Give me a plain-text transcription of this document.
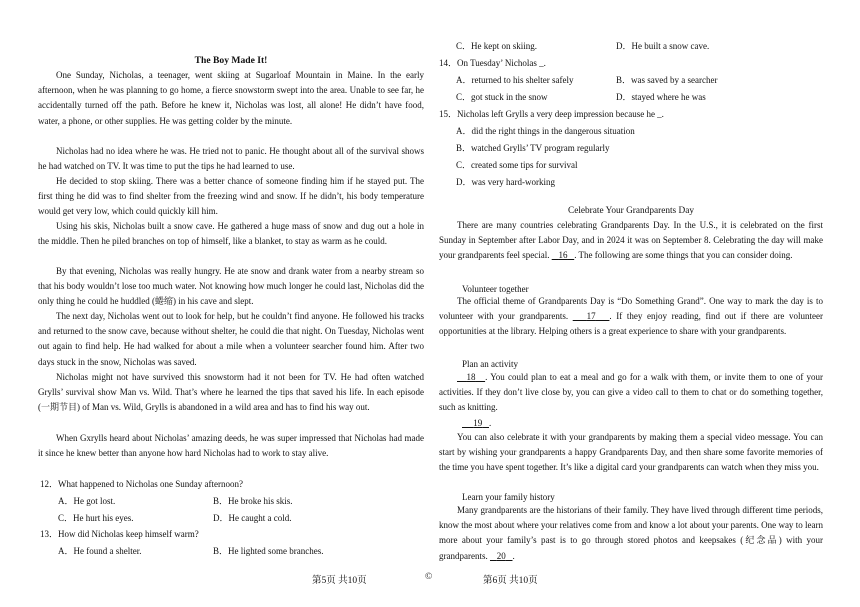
The Boy Made It!

One Sunday, Nicholas, a teenager, went skiing at Sugarloaf Mountain in Maine. In the early afternoon, when he was planning to go home, a fierce snowstorm swept into the area. Unable to see far, he accidentally turned off the path. Before he knew it, Nicholas was lost, all alone! He didn’t have food, water, a phone, or other supplies. He was getting colder by the minute.

Nicholas had no idea where he was. He tried not to panic. He thought about all of the survival shows he had watched on TV. It was time to put the tips he had learned to use.

He decided to stop skiing. There was a better chance of someone finding him if he stayed put. The first thing he did was to find shelter from the freezing wind and snow. If he didn’t, his body temperature would get very low, which could quickly kill him.

Using his skis, Nicholas built a snow cave. He gathered a huge mass of snow and dug out a hole in the middle. Then he piled branches on top of himself, like a blanket, to stay as warm as he could.

By that evening, Nicholas was really hungry. He ate snow and drank water from a nearby stream so that his body wouldn’t lose too much water. Not knowing how much longer he could last, Nicholas did the only thing he could he huddled (蜷缩) in his cave and slept.

The next day, Nicholas went out to look for help, but he couldn’t find anyone. He followed his tracks and returned to the snow cave, because without shelter, he could die that night. On Tuesday, Nicholas went out again to find help. He had walked for about a mile when a volunteer searcher found him. After two days stuck in the snow, Nicholas was saved.

Nicholas might not have survived this snowstorm had it not been for TV. He had often watched Grylls’ survival show Man vs. Wild. That’s where he learned the tips that saved his life. In each episode (一期节目) of Man vs. Wild, Grylls is abandoned in a wild area and has to find his way out.

When Gxrylls heard about Nicholas’ amazing deeds, he was super impressed that Nicholas had made it since he knew better than anyone how hard Nicholas had to work to stay alive.

12．What happened to Nicholas one Sunday afternoon?
A．He got lost.	B．He broke his skis.
C．He hurt his eyes.	D．He caught a cold.
13．How did Nicholas keep himself warm?
A．He found a shelter.	B．He lighted some branches.
C．He kept on skiing.	D．He built a snow cave.
14．On Tuesday’ Nicholas _.
A．returned to his shelter safely	B．was saved by a searcher
C．got stuck in the snow	D．stayed where he was
15．Nicholas left Grylls a very deep impression because he _.
A．did the right things in the dangerous situation
B．watched Grylls’ TV program regularly
C．created some tips for survival
D．was very hard-working
Celebrate Your Grandparents Day

There are many countries celebrating Grandparents Day. In the U.S., it is celebrated on the first Sunday in September after Labor Day, and in 2024 it was on September 8. Celebrating the day will make your grandparents feel special. 16 . The following are some things that you can consider doing.

Volunteer together

The official theme of Grandparents Day is “Do Something Grand”. One way to mark the day is to volunteer with your grandparents. 17 . If they enjoy reading, find out if there are volunteer opportunities at the library. Helping others is a great experience to share with your grandparents.

Plan an activity

18 . You could plan to eat a meal and go for a walk with them, or invite them to one of your activities. If they don’t live close by, you can give a video call to them to chat or do something together, such as knitting.

19 .

You can also celebrate it with your grandparents by making them a special video message. You can start by wishing your grandparents a happy Grandparents Day, and then share some favorite memories of the time you have spent together. It’s like a digital card your grandparents can watch when they miss you.

Learn your family history

Many grandparents are the historians of their family. They have lived through different time periods, know the most about where your relatives come from and know a lot about your parents. One way to learn more about your family’s past is to go through stored photos and keepsakes (纪念品) with your grandparents. 20 .

第5页 共10页	©	第6页 共10页
